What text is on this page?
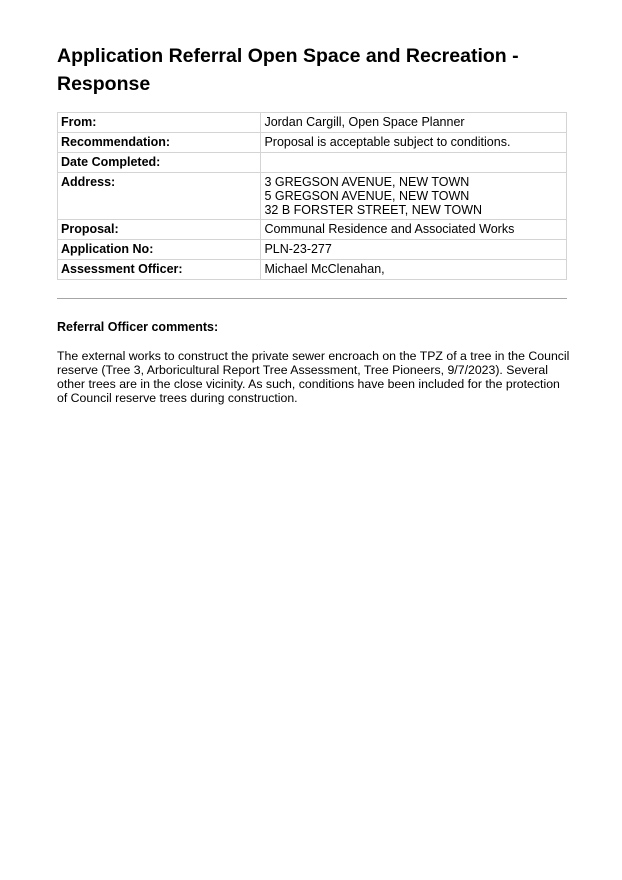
Application Referral Open Space and Recreation - Response
From:	Jordan Cargill, Open Space Planner
Recommendation:	Proposal is acceptable subject to conditions.
Date Completed:	
Address:	3 GREGSON AVENUE, NEW TOWN
5 GREGSON AVENUE, NEW TOWN
32 B FORSTER STREET, NEW TOWN

Proposal:	Communal Residence and Associated Works
Application No:	PLN-23-277
Assessment Officer:	Michael McClenahan,
Referral Officer comments:

The external works to construct the private sewer encroach on the TPZ of a tree in the Council reserve (Tree 3, Arboricultural Report Tree Assessment, Tree Pioneers, 9/7/2023). Several other trees are in the close vicinity. As such, conditions have been included for the protection of Council reserve trees during construction.
